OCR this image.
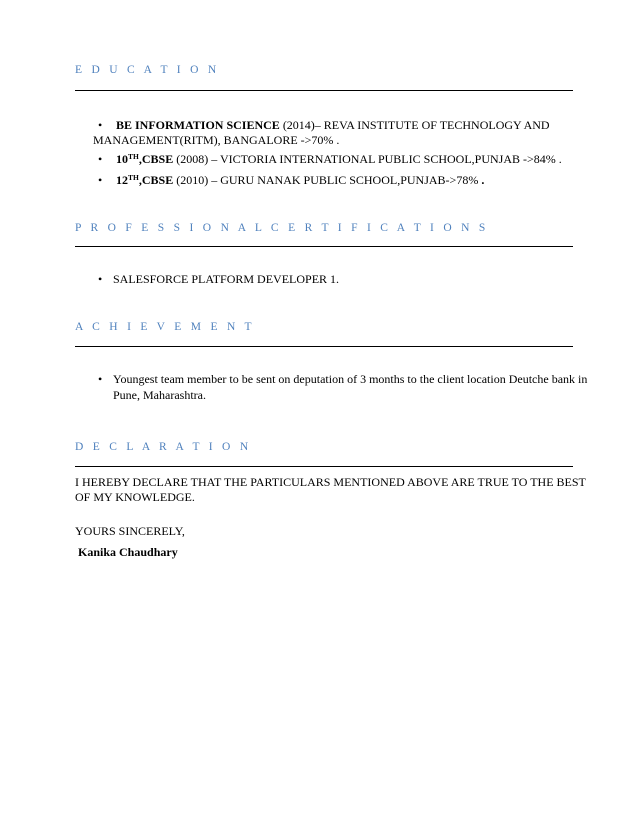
E D U C A T I O N
• BE INFORMATION SCIENCE (2014)– REVA INSTITUTE OF TECHNOLOGY AND
MANAGEMENT(RITM), BANGALORE ->70% .
• 10TH,CBSE (2008) – VICTORIA INTERNATIONAL PUBLIC SCHOOL,PUNJAB ->84% .
• 12TH,CBSE (2010) – GURU NANAK PUBLIC SCHOOL,PUNJAB->78% .
P R O F E S S I O N A L C E R T I F I C A T I O N S
• SALESFORCE PLATFORM DEVELOPER 1.
A C H I E V E M E N T
• Youngest team member to be sent on deputation of 3 months to the client location Deutche bank in
Pune, Maharashtra.
D E C L A R A T I O N
I HEREBY DECLARE THAT THE PARTICULARS MENTIONED ABOVE ARE TRUE TO THE BEST
OF MY KNOWLEDGE.
YOURS SINCERELY,
Kanika Chaudhary
